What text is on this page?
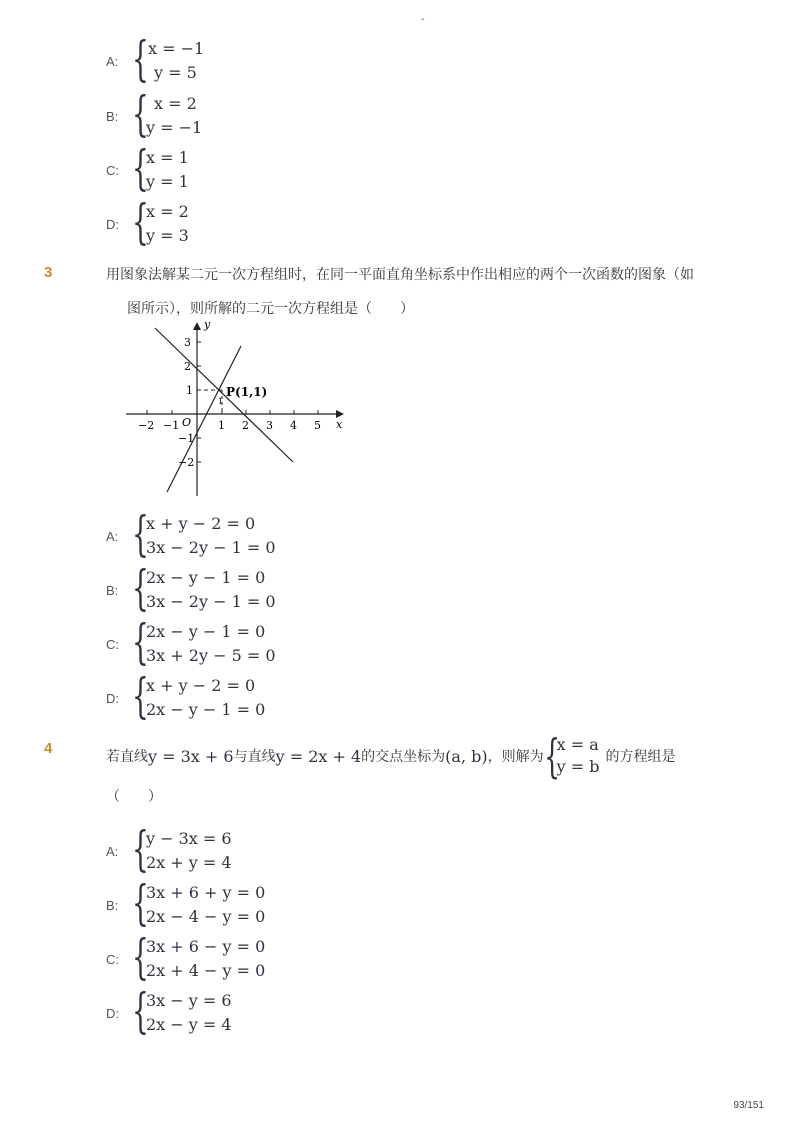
-
A: { x = −1
y = 5
B: { x = 2
y = −1
C: {
x = 1
y = 1
D: {
x = 2
y = 3
3	用图象法解某二元一次方程组时，在同一平面直角坐标系中作出相应的两个一次函数的图象（如
图所示），则所解的二元一次方程组是（　　）
y
x
O
P(1,1)
1
−2 −1	1 2 3 4 5
3
2
1
−1
−2
A: {
x + y − 2 = 0
3x − 2y − 1 = 0
B: {
2x − y − 1 = 0
3x − 2y − 1 = 0
C: {
2x − y − 1 = 0
3x + 2y − 5 = 0
D: {
x + y − 2 = 0
2x − y − 1 = 0
4	若直线 y = 3x + 6 与直线 y = 2x + 4 的交点坐标为 (a, b) ，则解为 {
x = a
y = b 的方程组是
（　　）
A: {
y − 3x = 6
2x + y = 4
B: {
3x + 6 + y = 0
2x − 4 − y = 0
C: {
3x + 6 − y = 0
2x + 4 − y = 0
D: {
3x − y = 6
2x − y = 4
93/151
